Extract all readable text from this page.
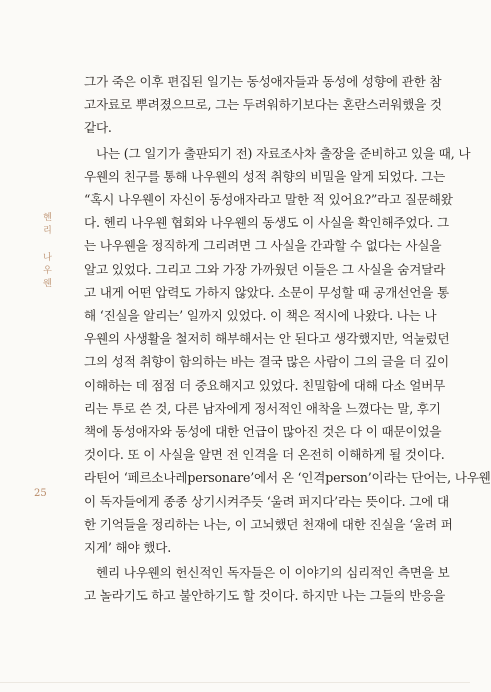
헨리 나우웬
25

그가 죽은 이후 편집된 일기는 동성애자들과 동성에 성향에 관한 참
고자료로 뿌려졌으므로, 그는 두려워하기보다는 혼란스러워했을 것
같다.

나는 (그 일기가 출판되기 전) 자료조사차 출장을 준비하고 있을 때, 나
우웬의 친구를 통해 나우웬의 성적 취향의 비밀을 알게 되었다. 그는
“혹시 나우웬이 자신이 동성애자라고 말한 적 있어요?”라고 질문해왔
다. 헨리 나우웬 협회와 나우웬의 동생도 이 사실을 확인해주었다. 그
는 나우웬을 정직하게 그리려면 그 사실을 간과할 수 없다는 사실을
알고 있었다. 그리고 그와 가장 가까웠던 이들은 그 사실을 숨겨달라
고 내게 어떤 압력도 가하지 않았다. 소문이 무성할 때 공개선언을 통
해 ‘진실을 알리는’ 일까지 있었다. 이 책은 적시에 나왔다. 나는 나
우웬의 사생활을 철저히 해부해서는 안 된다고 생각했지만, 억눌렀던
그의 성적 취향이 함의하는 바는 결국 많은 사람이 그의 글을 더 깊이
이해하는 데 점점 더 중요해지고 있었다. 친밀함에 대해 다소 얼버무
리는 투로 쓴 것, 다른 남자에게 정서적인 애착을 느꼈다는 말, 후기
책에 동성애자와 동성에 대한 언급이 많아진 것은 다 이 때문이었을
것이다. 또 이 사실을 알면 전 인격을 더 온전히 이해하게 될 것이다.
라틴어 ‘페르소나레personare’에서 온 ‘인격person’이라는 단어는, 나우웬
이 독자들에게 종종 상기시켜주듯 ‘울려 퍼지다’라는 뜻이다. 그에 대
한 기억들을 정리하는 나는, 이 고뇌했던 천재에 대한 진실을 ‘울려 퍼
지게’ 해야 했다.

헨리 나우웬의 헌신적인 독자들은 이 이야기의 심리적인 측면을 보
고 놀라기도 하고 불안하기도 할 것이다. 하지만 나는 그들의 반응을
